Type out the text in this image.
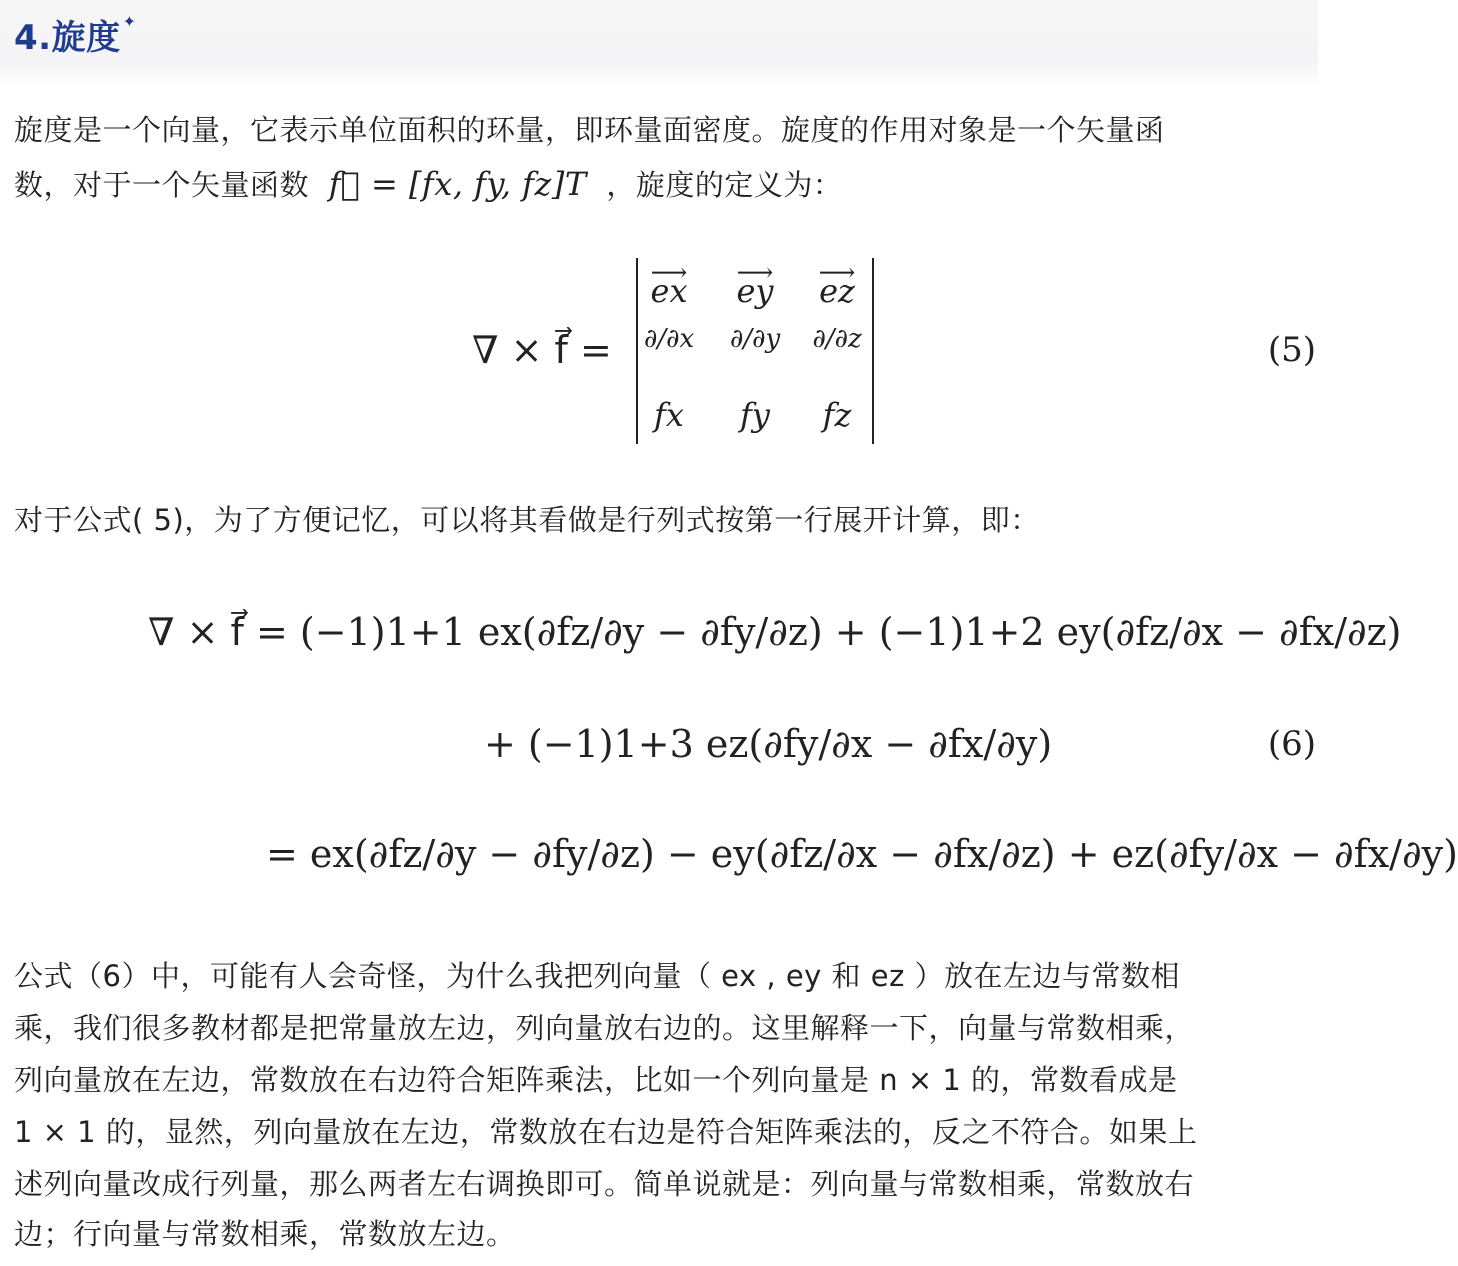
4.旋度 ✦

旋度是一个向量，它表示单位面积的环量，即环量面密度。旋度的作用对象是一个矢量函

数，对于一个矢量函数 f⃗ = [fx, fy, fz]T ，旋度的定义为：

∇ × f⃗ =
⟶ ex	⟶ ey	⟶ ez
∂/∂x	∂/∂y	∂/∂z
fx	fy	fz
(5)

对于公式( 5)，为了方便记忆，可以将其看做是行列式按第一行展开计算，即：

∇ × f⃗ = (−1)1+1 ex(∂fz/∂y − ∂fy/∂z) + (−1)1+2 ey(∂fz/∂x − ∂fx/∂z)
+ (−1)1+3 ez(∂fy/∂x − ∂fx/∂y)
= ex(∂fz/∂y − ∂fy/∂z) − ey(∂fz/∂x − ∂fx/∂z) + ez(∂fy/∂x − ∂fx/∂y)
(6)

公式（6）中，可能有人会奇怪，为什么我把列向量（ ex , ey 和 ez ）放在左边与常数相

乘，我们很多教材都是把常量放左边，列向量放右边的。这里解释一下，向量与常数相乘，

列向量放在左边，常数放在右边符合矩阵乘法，比如一个列向量是 n × 1 的，常数看成是

1 × 1 的，显然，列向量放在左边，常数放在右边是符合矩阵乘法的，反之不符合。如果上

述列向量改成行列量，那么两者左右调换即可。简单说就是：列向量与常数相乘，常数放右

边；行向量与常数相乘，常数放左边。
